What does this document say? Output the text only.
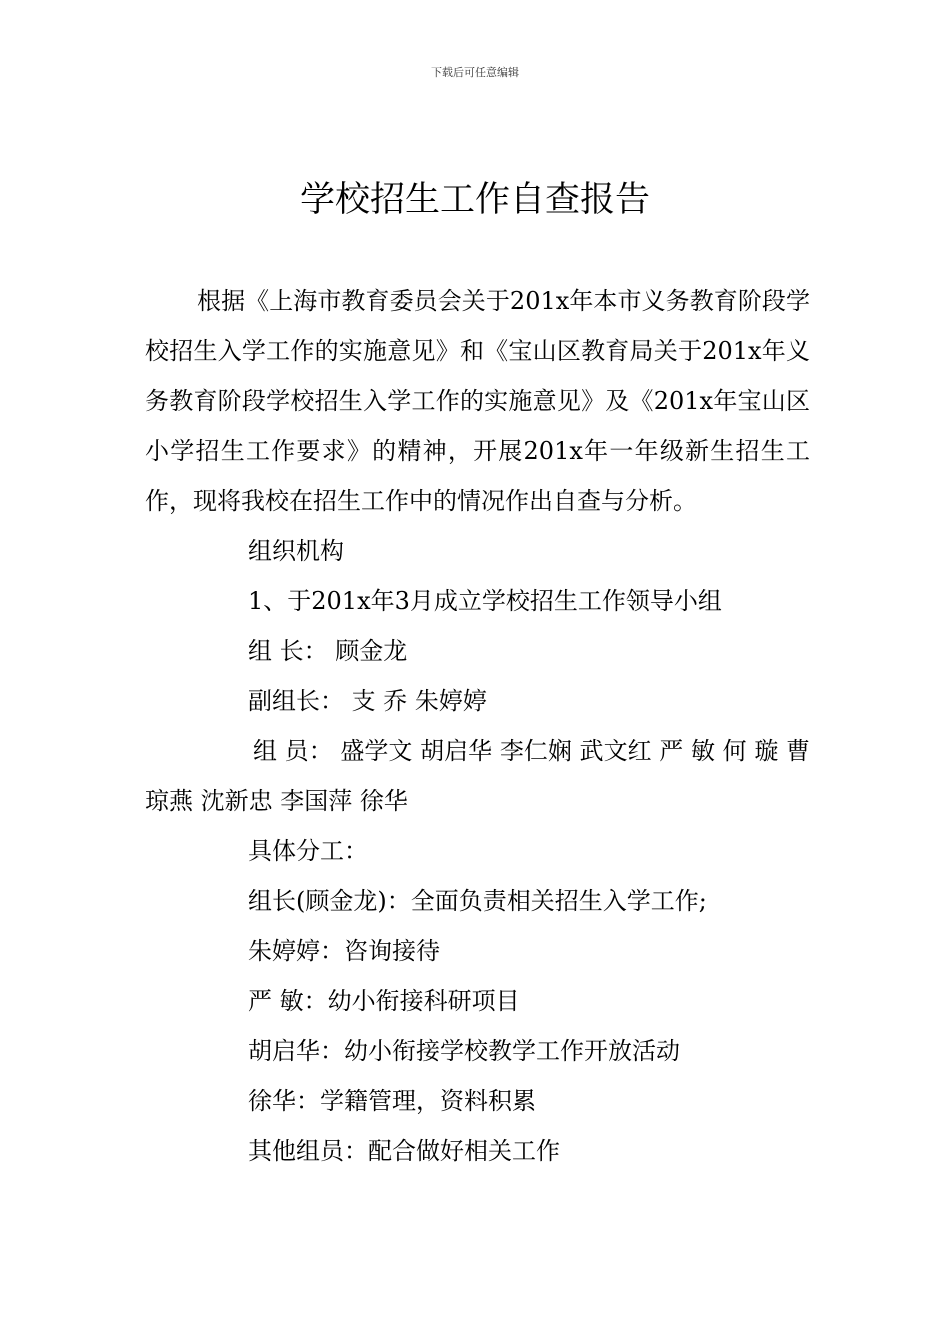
下载后可任意编辑
学校招生工作自查报告

根据《上海市教育委员会关于201x年本市义务教育阶段学校招生入学工作的实施意见》和《宝山区教育局关于201x年义务教育阶段学校招生入学工作的实施意见》及《201x年宝山区小学招生工作要求》的精神，开展201x年一年级新生招生工作，现将我校在招生工作中的情况作出自查与分析。

组织机构

1、于201x年3月成立学校招生工作领导小组

组 长： 顾金龙

副组长： 支 乔 朱婷婷

组 员： 盛学文 胡启华 李仁娴 武文红 严 敏 何 璇 曹琼燕 沈新忠 李国萍 徐华

具体分工：

组长(顾金龙)：全面负责相关招生入学工作;

朱婷婷：咨询接待

严 敏：幼小衔接科研项目

胡启华：幼小衔接学校教学工作开放活动

徐华：学籍管理，资料积累

其他组员：配合做好相关工作
